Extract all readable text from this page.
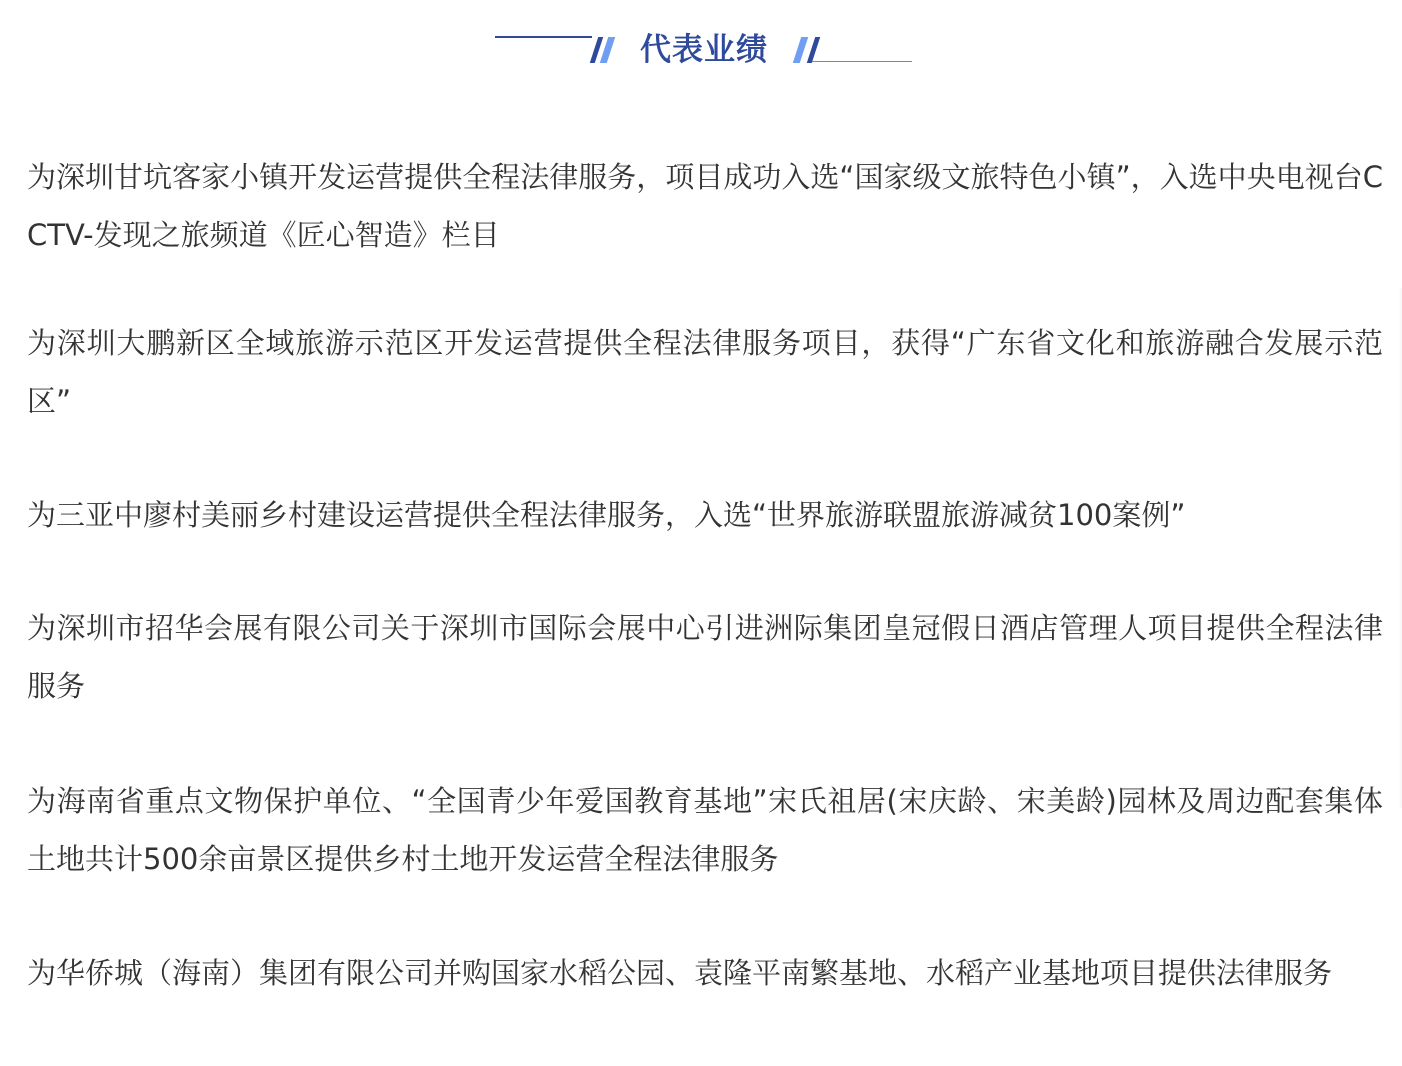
代表业绩
为深圳甘坑客家小镇开发运营提供全程法律服务，项目成功入选“国家级文旅特色小镇”，入选中央电视台CCTV-发现之旅频道《匠心智造》栏目
为深圳大鹏新区全域旅游示范区开发运营提供全程法律服务项目，获得“广东省文化和旅游融合发展示范区”
为三亚中廖村美丽乡村建设运营提供全程法律服务，入选“世界旅游联盟旅游减贫100案例”
为深圳市招华会展有限公司关于深圳市国际会展中心引进洲际集团皇冠假日酒店管理人项目提供全程法律服务
为海南省重点文物保护单位、“全国青少年爱国教育基地”宋氏祖居(宋庆龄、宋美龄)园林及周边配套集体土地共计500余亩景区提供乡村土地开发运营全程法律服务
为华侨城（海南）集团有限公司并购国家水稻公园、袁隆平南繁基地、水稻产业基地项目提供法律服务
